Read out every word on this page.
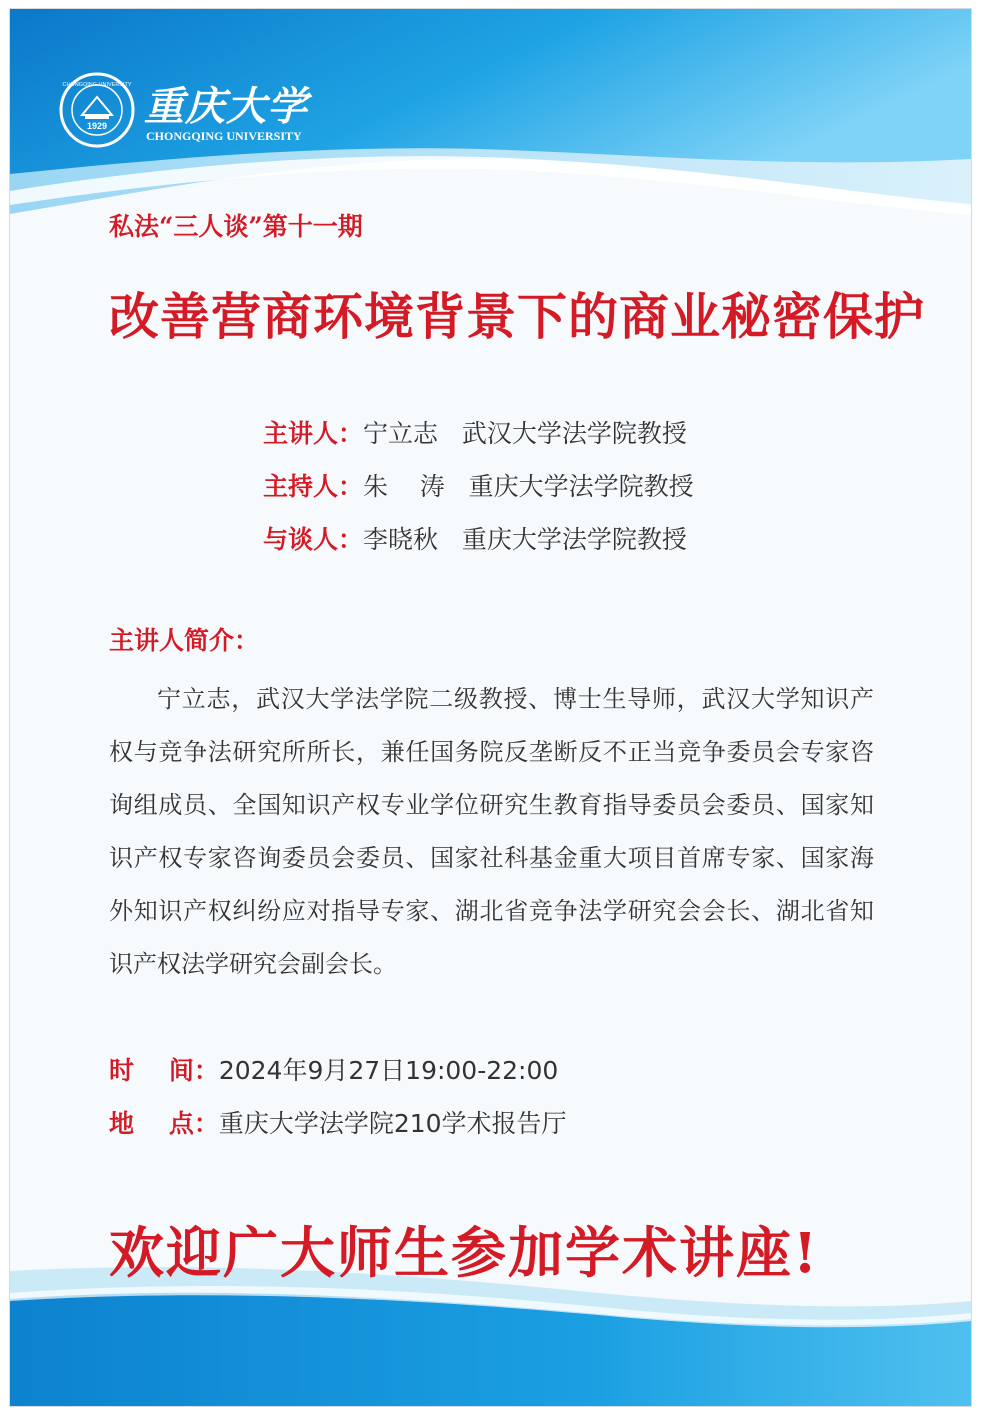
1929
CHONGQING UNIVERSITY 重庆大学
CHONGQING UNIVERSITY
私法“三人谈”第十一期
改善营商环境背景下的商业秘密保护
主讲人：宁立志   武汉大学法学院教授
主持人：朱    涛   重庆大学法学院教授
与谈人：李晓秋   重庆大学法学院教授
主讲人简介：

宁立志，武汉大学法学院二级教授、博士生导师，武汉大学知识产权与竞争法研究所所长，兼任国务院反垄断反不正当竞争委员会专家咨询组成员、全国知识产权专业学位研究生教育指导委员会委员、国家知识产权专家咨询委员会委员、国家社科基金重大项目首席专家、国家海外知识产权纠纷应对指导专家、湖北省竞争法学研究会会长、湖北省知识产权法学研究会副会长。

时    间：2024年9月27日19:00-22:00
地    点：重庆大学法学院210学术报告厅
欢迎广大师生参加学术讲座!
